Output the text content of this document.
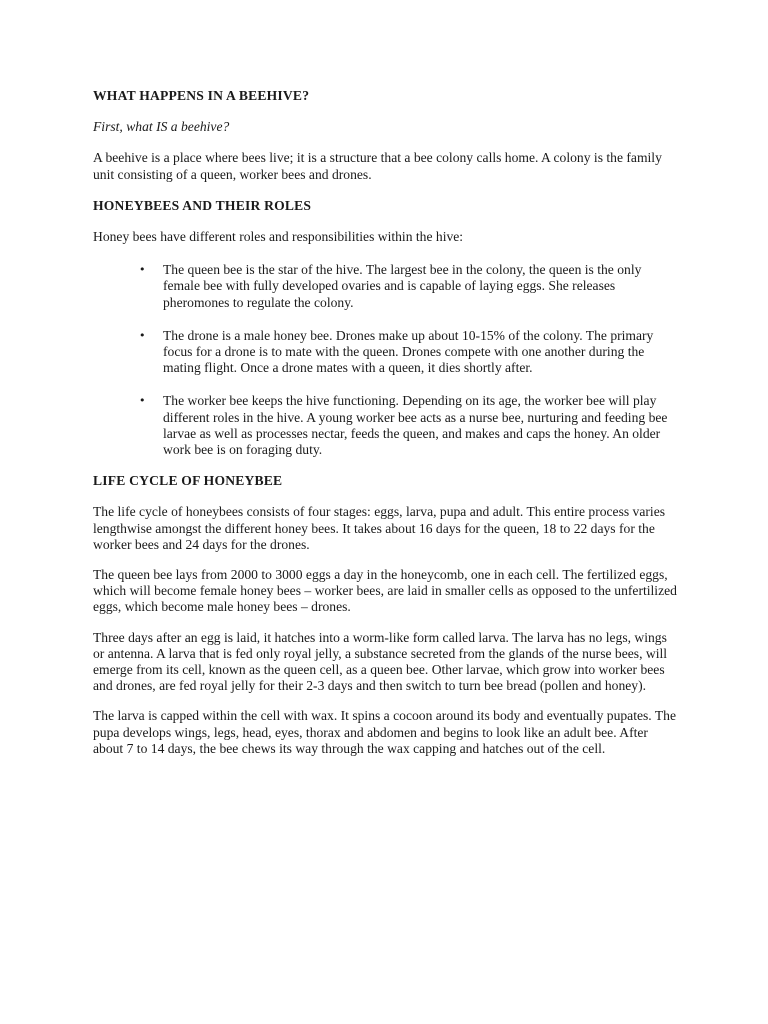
WHAT HAPPENS IN A BEEHIVE?

First, what IS a beehive?

A beehive is a place where bees live; it is a structure that a bee colony calls home. A colony is the family unit consisting of a queen, worker bees and drones.

HONEYBEES AND THEIR ROLES

Honey bees have different roles and responsibilities within the hive:

• The queen bee is the star of the hive. The largest bee in the colony, the queen is the only female bee with fully developed ovaries and is capable of laying eggs. She releases pheromones to regulate the colony.
• The drone is a male honey bee. Drones make up about 10-15% of the colony. The primary focus for a drone is to mate with the queen. Drones compete with one another during the mating flight. Once a drone mates with a queen, it dies shortly after.
• The worker bee keeps the hive functioning. Depending on its age, the worker bee will play different roles in the hive. A young worker bee acts as a nurse bee, nurturing and feeding bee larvae as well as processes nectar, feeds the queen, and makes and caps the honey. An older work bee is on foraging duty.
LIFE CYCLE OF HONEYBEE

The life cycle of honeybees consists of four stages: eggs, larva, pupa and adult. This entire process varies lengthwise amongst the different honey bees. It takes about 16 days for the queen, 18 to 22 days for the worker bees and 24 days for the drones.

The queen bee lays from 2000 to 3000 eggs a day in the honeycomb, one in each cell. The fertilized eggs, which will become female honey bees – worker bees, are laid in smaller cells as opposed to the unfertilized eggs, which become male honey bees – drones.

Three days after an egg is laid, it hatches into a worm-like form called larva. The larva has no legs, wings or antenna. A larva that is fed only royal jelly, a substance secreted from the glands of the nurse bees, will emerge from its cell, known as the queen cell, as a queen bee. Other larvae, which grow into worker bees and drones, are fed royal jelly for their 2-3 days and then switch to turn bee bread (pollen and honey).

The larva is capped within the cell with wax. It spins a cocoon around its body and eventually pupates. The pupa develops wings, legs, head, eyes, thorax and abdomen and begins to look like an adult bee. After about 7 to 14 days, the bee chews its way through the wax capping and hatches out of the cell.
